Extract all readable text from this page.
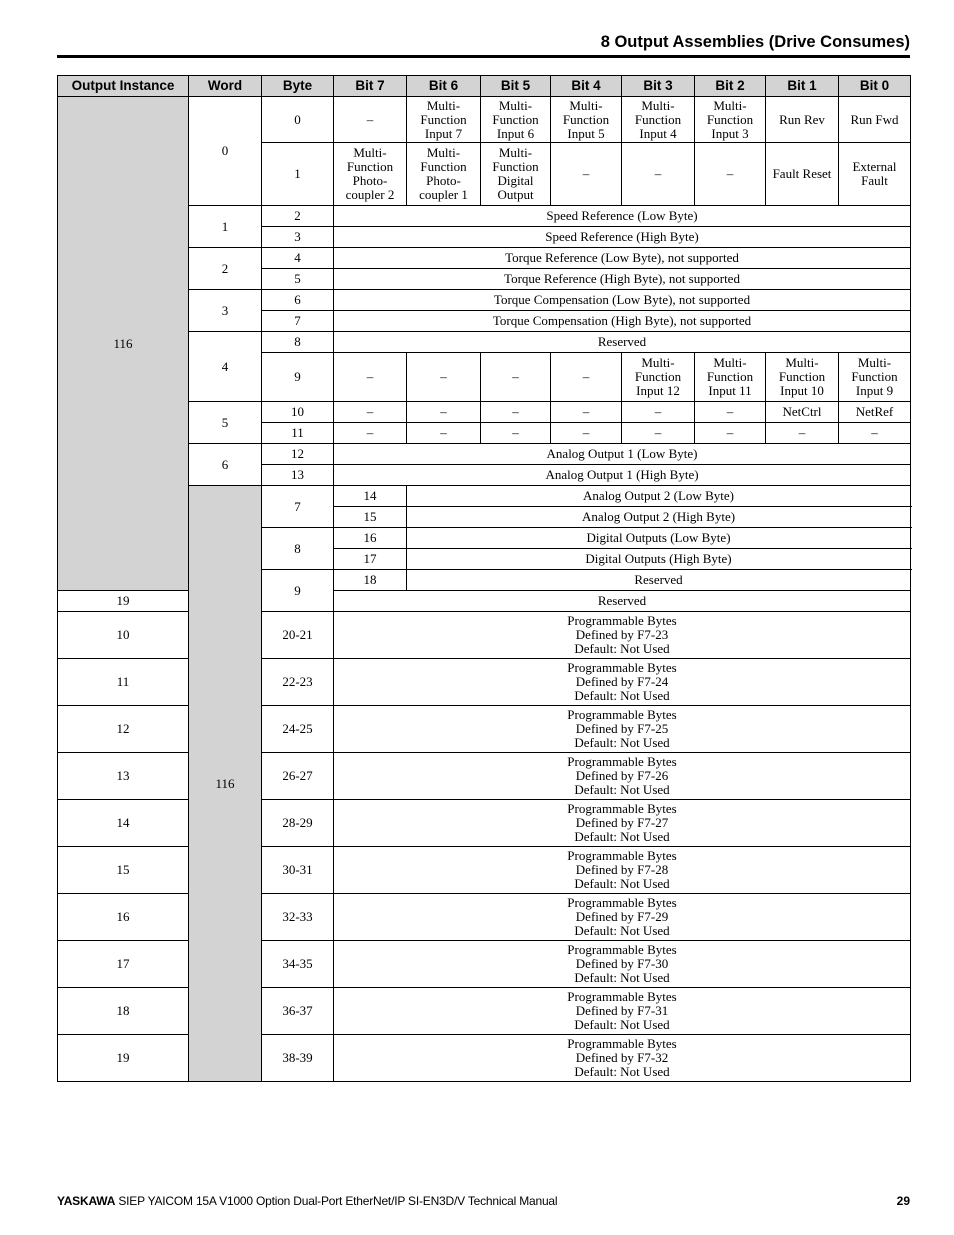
8 Output Assemblies (Drive Consumes)
Output Instance	Word	Byte	Bit 7	Bit 6	Bit 5	Bit 4	Bit 3	Bit 2	Bit 1	Bit 0
116	0	0	–	Multi-
Function
Input 7	Multi-
Function
Input 6	Multi-
Function
Input 5	Multi-
Function
Input 4	Multi-
Function
Input 3	Run Rev	Run Fwd
		1	Multi-
Function
Photo-
coupler 2	Multi-
Function
Photo-
coupler 1	Multi-
Function
Digital
Output	–	–	–	Fault Reset	External
Fault
	1	2	Speed Reference (Low Byte)							
		3	Speed Reference (High Byte)							
	2	4	Torque Reference (Low Byte), not supported							
		5	Torque Reference (High Byte), not supported							
	3	6	Torque Compensation (Low Byte), not supported							
		7	Torque Compensation (High Byte), not supported							
	4	8	Reserved							
		9	–	–	–	–	Multi-
Function
Input 12	Multi-
Function
Input 11	Multi-
Function
Input 10	Multi-
Function
Input 9
	5	10	–	–	–	–	–	–	NetCtrl	NetRef
		11	–	–	–	–	–	–	–	–
	6	12	Analog Output 1 (Low Byte)							
		13	Analog Output 1 (High Byte)							
	116	7	14	Analog Output 2 (Low Byte)						
			15	Analog Output 2 (High Byte)						
		8	16	Digital Outputs (Low Byte)						
			17	Digital Outputs (High Byte)						
		9	18	Reserved						
19			Reserved							
10		20-21	Programmable Bytes
Defined by F7-23
Default: Not Used							
11		22-23	Programmable Bytes
Defined by F7-24
Default: Not Used							
12		24-25	Programmable Bytes
Defined by F7-25
Default: Not Used							
13		26-27	Programmable Bytes
Defined by F7-26
Default: Not Used							
14		28-29	Programmable Bytes
Defined by F7-27
Default: Not Used							
15		30-31	Programmable Bytes
Defined by F7-28
Default: Not Used							
16		32-33	Programmable Bytes
Defined by F7-29
Default: Not Used							
17		34-35	Programmable Bytes
Defined by F7-30
Default: Not Used							
18		36-37	Programmable Bytes
Defined by F7-31
Default: Not Used							
19		38-39	Programmable Bytes
Defined by F7-32
Default: Not Used							
YASKAWA SIEP YAICOM 15A V1000 Option Dual-Port EtherNet/IP SI-EN3D/V Technical Manual	29
